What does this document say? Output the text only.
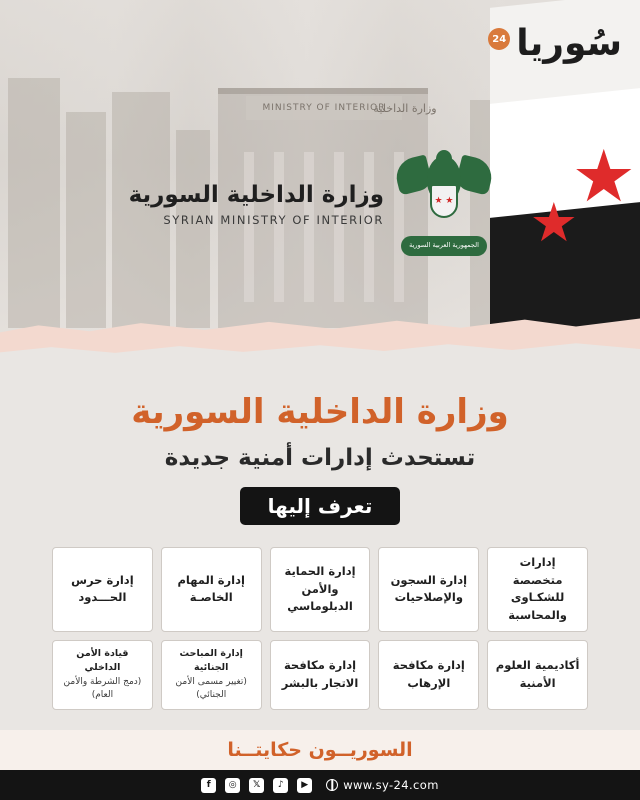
MINISTRY OF INTERIOR
وزارة الداخلية
★
★
سُوريا
24
★ ★
الجمهورية العربية السورية
وزارة الداخلية السورية
SYRIAN MINISTRY OF INTERIOR
وزارة الداخلية السورية
تستحدث إدارات أمنية جديدة
تعرف إليها
إدارات متخصصة للشكـاوى والمحاسبة
إدارة السجون والإصلاحيات
إدارة الحماية والأمن الدبلوماسي
إدارة المهام الخاصـة
إدارة حرس الحـــدود
أكاديمية العلوم الأمنية
إدارة مكافحة الإرهاب
إدارة مكافحة الاتجار بالبشر
إدارة المباحث الجنائية
(تغيير مسمى الأمن الجنائي)
قيادة الأمن الداخلي
(دمج الشرطة والأمن العام)
السوريــون حكايتــنا
f	◎	𝕏	♪	▶	www.sy-24.com
